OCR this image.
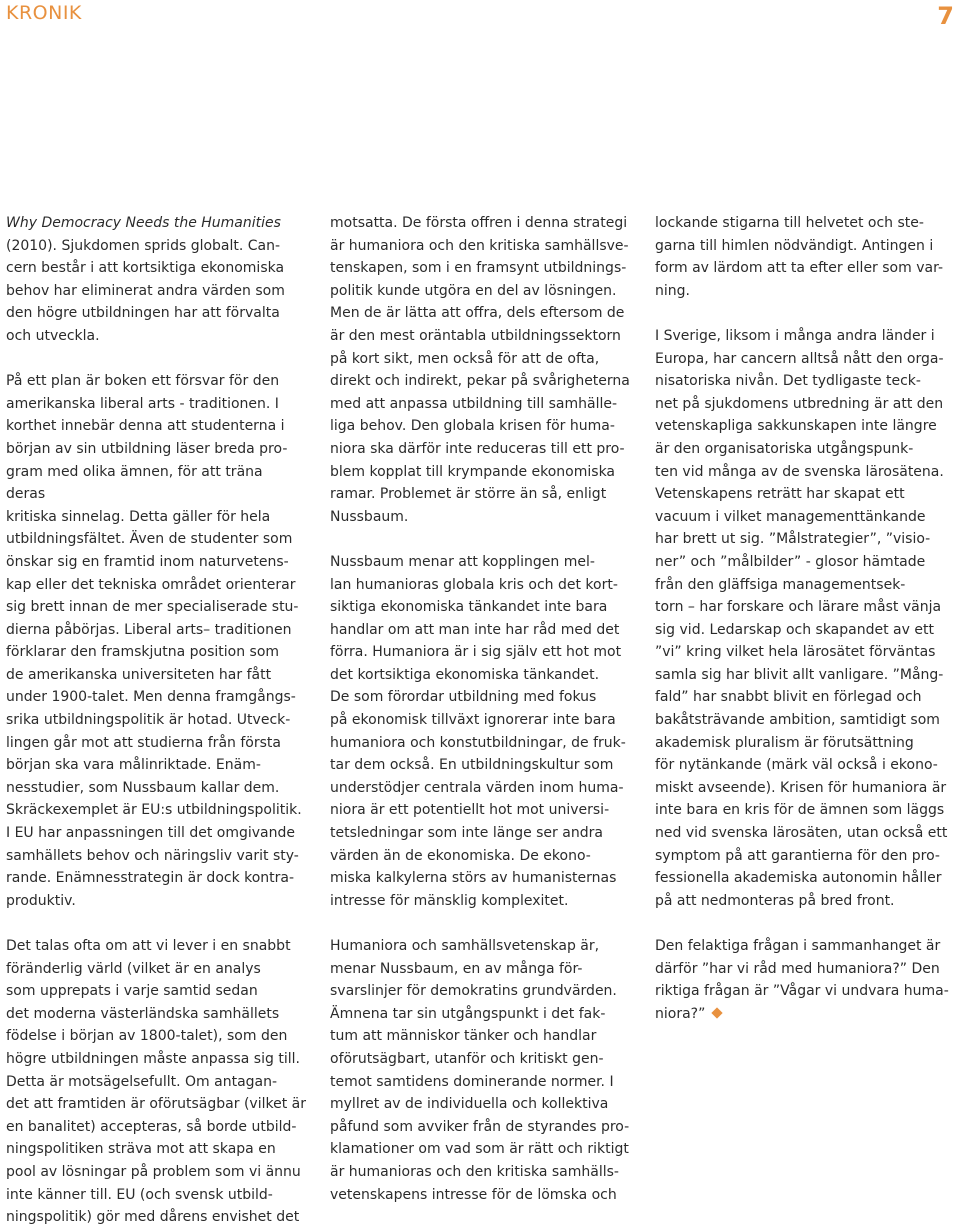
KRONIK	7

Why Democracy Needs the Humanities
(2010). Sjukdomen sprids globalt. Can-
cern består i att kortsiktiga ekonomiska
behov har eliminerat andra värden som
den högre utbildningen har att förvalta
och utveckla.

På ett plan är boken ett försvar för den
amerikanska liberal arts - traditionen. I
korthet innebär denna att studenterna i
början av sin utbildning läser breda pro-
gram med olika ämnen, för att träna deras
kritiska sinnelag. Detta gäller för hela
utbildningsfältet. Även de studenter som
önskar sig en framtid inom naturvetens-
kap eller det tekniska området orienterar
sig brett innan de mer specialiserade stu-
dierna påbörjas. Liberal arts– traditionen
förklarar den framskjutna position som
de amerikanska universiteten har fått
under 1900-talet. Men denna framgångs-
srika utbildningspolitik är hotad. Utveck-
lingen går mot att studierna från första
början ska vara målinriktade. Enäm-
nesstudier, som Nussbaum kallar dem.
Skräckexemplet är EU:s utbildningspolitik.
I EU har anpassningen till det omgivande
samhällets behov och näringsliv varit sty-
rande. Enämnesstrategin är dock kontra-
produktiv.

Det talas ofta om att vi lever i en snabbt
föränderlig värld (vilket är en analys
som upprepats i varje samtid sedan
det moderna västerländska samhällets
födelse i början av 1800-talet), som den
högre utbildningen måste anpassa sig till.
Detta är motsägelsefullt. Om antagan-
det att framtiden är oförutsägbar (vilket är
en banalitet) accepteras, så borde utbild-
ningspolitiken sträva mot att skapa en
pool av lösningar på problem som vi ännu
inte känner till. EU (och svensk utbild-
ningspolitik) gör med dårens envishet det

motsatta. De första offren i denna strategi
är humaniora och den kritiska samhällsve-
tenskapen, som i en framsynt utbildnings-
politik kunde utgöra en del av lösningen.
Men de är lätta att offra, dels eftersom de
är den mest oräntabla utbildningssektorn
på kort sikt, men också för att de ofta,
direkt och indirekt, pekar på svårigheterna
med att anpassa utbildning till samhälle-
liga behov. Den globala krisen för huma-
niora ska därför inte reduceras till ett pro-
blem kopplat till krympande ekonomiska
ramar. Problemet är större än så, enligt
Nussbaum.

Nussbaum menar att kopplingen mel-
lan humanioras globala kris och det kort-
siktiga ekonomiska tänkandet inte bara
handlar om att man inte har råd med det
förra. Humaniora är i sig själv ett hot mot
det kortsiktiga ekonomiska tänkandet.
De som förordar utbildning med fokus
på ekonomisk tillväxt ignorerar inte bara
humaniora och konstutbildningar, de fruk-
tar dem också. En utbildningskultur som
understödjer centrala värden inom huma-
niora är ett potentiellt hot mot universi-
tetsledningar som inte länge ser andra
värden än de ekonomiska. De ekono-
miska kalkylerna störs av humanisternas
intresse för mänsklig komplexitet.

Humaniora och samhällsvetenskap är,
menar Nussbaum, en av många för-
svarslinjer för demokratins grundvärden.
Ämnena tar sin utgångspunkt i det fak-
tum att människor tänker och handlar
oförutsägbart, utanför och kritiskt gen-
temot samtidens dominerande normer. I
myllret av de individuella och kollektiva
påfund som avviker från de styrandes pro-
klamationer om vad som är rätt och riktigt
är humanioras och den kritiska samhälls-
vetenskapens intresse för de lömska och

lockande stigarna till helvetet och ste-
garna till himlen nödvändigt. Antingen i
form av lärdom att ta efter eller som var-
ning.

I Sverige, liksom i många andra länder i
Europa, har cancern alltså nått den orga-
nisatoriska nivån. Det tydligaste teck-
net på sjukdomens utbredning är att den
vetenskapliga sakkunskapen inte längre
är den organisatoriska utgångspunk-
ten vid många av de svenska lärosätena.
Vetenskapens reträtt har skapat ett
vacuum i vilket managementtänkande
har brett ut sig. ”Målstrategier”, ”visio-
ner” och ”målbilder” - glosor hämtade
från den gläffsiga managementsek-
torn – har forskare och lärare måst vänja
sig vid. Ledarskap och skapandet av ett
”vi” kring vilket hela lärosätet förväntas
samla sig har blivit allt vanligare. ”Mång-
fald” har snabbt blivit en förlegad och
bakåtsträvande ambition, samtidigt som
akademisk pluralism är förutsättning
för nytänkande (märk väl också i ekono-
miskt avseende). Krisen för humaniora är
inte bara en kris för de ämnen som läggs
ned vid svenska lärosäten, utan också ett
symptom på att garantierna för den pro-
fessionella akademiska autonomin håller
på att nedmonteras på bred front.

Den felaktiga frågan i sammanhanget är
därför ”har vi råd med humaniora?” Den
riktiga frågan är ”Vågar vi undvara huma-
niora?”
